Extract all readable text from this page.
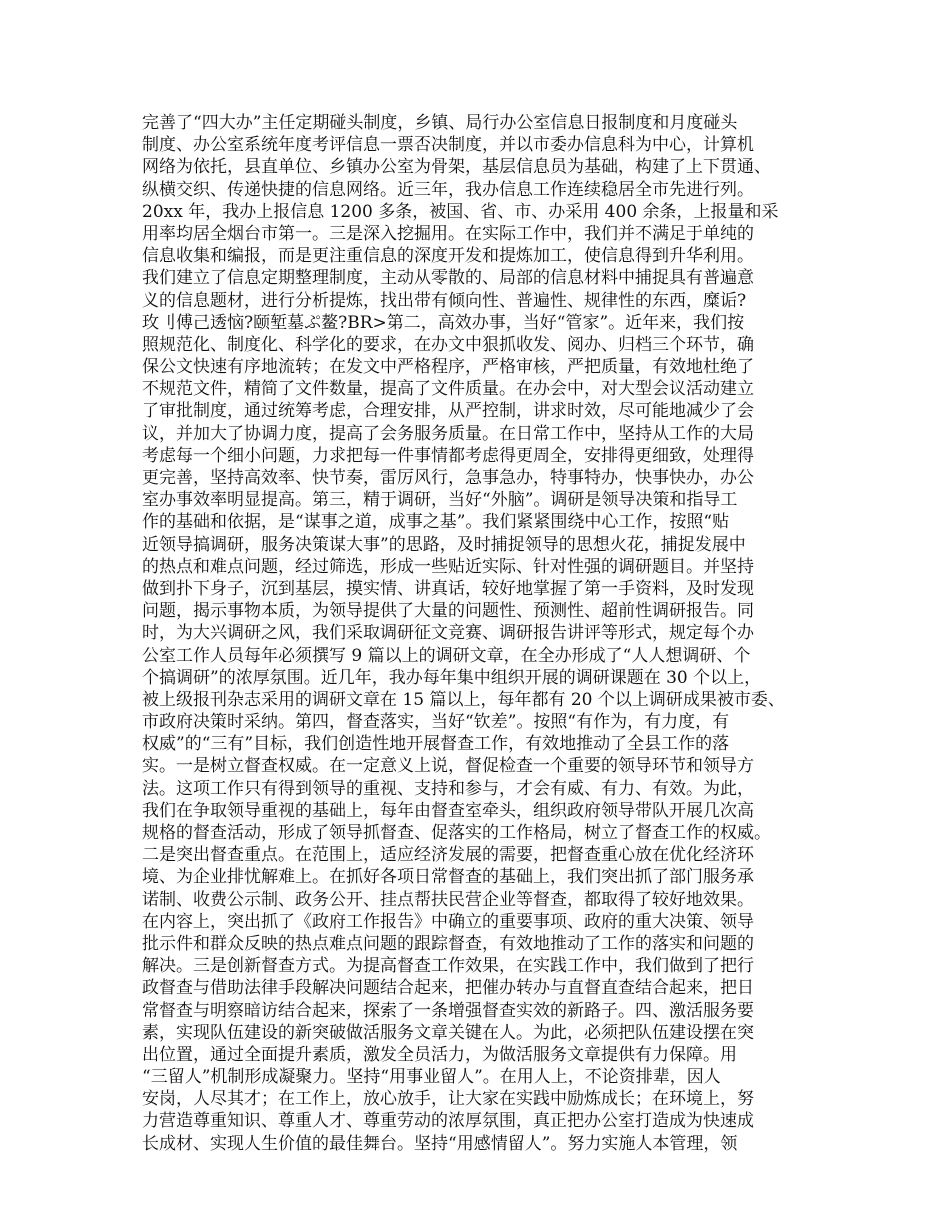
完善了“四大办”主任定期碰头制度，乡镇、局行办公室信息日报制度和月度碰头
制度、办公室系统年度考评信息一票否决制度，并以市委办信息科为中心，计算机
网络为依托，县直单位、乡镇办公室为骨架，基层信息员为基础，构建了上下贯通、
纵横交织、传递快捷的信息网络。近三年，我办信息工作连续稳居全市先进行列。
20xx 年，我办上报信息 1200 多条，被国、省、市、办采用 400 余条，上报量和采
用率均居全烟台市第一。三是深入挖掘用。在实际工作中，我们并不满足于单纯的
信息收集和编报，而是更注重信息的深度开发和提炼加工，使信息得到升华利用。
我们建立了信息定期整理制度，主动从零散的、局部的信息材料中捕捉具有普遍意
义的信息题材，进行分析提炼，找出带有倾向性、普遍性、规律性的东西，糜诟?
玫刂傅己透恼?颐堑墓ぷ鳌?BR>第二，高效办事，当好“管家”。近年来，我们按
照规范化、制度化、科学化的要求，在办文中狠抓收发、阅办、归档三个环节，确
保公文快速有序地流转；在发文中严格程序，严格审核，严把质量，有效地杜绝了
不规范文件，精简了文件数量，提高了文件质量。在办会中，对大型会议活动建立
了审批制度，通过统筹考虑，合理安排，从严控制，讲求时效，尽可能地减少了会
议，并加大了协调力度，提高了会务服务质量。在日常工作中，坚持从工作的大局
考虑每一个细小问题，力求把每一件事情都考虑得更周全，安排得更细致，处理得
更完善，坚持高效率、快节奏，雷厉风行，急事急办，特事特办，快事快办，办公
室办事效率明显提高。第三，精于调研，当好“外脑”。调研是领导决策和指导工
作的基础和依据，是“谋事之道，成事之基”。我们紧紧围绕中心工作，按照“贴
近领导搞调研，服务决策谋大事”的思路，及时捕捉领导的思想火花，捕捉发展中
的热点和难点问题，经过筛选，形成一些贴近实际、针对性强的调研题目。并坚持
做到扑下身子，沉到基层，摸实情、讲真话，较好地掌握了第一手资料，及时发现
问题，揭示事物本质，为领导提供了大量的问题性、预测性、超前性调研报告。同
时，为大兴调研之风，我们采取调研征文竞赛、调研报告讲评等形式，规定每个办
公室工作人员每年必须撰写 9 篇以上的调研文章，在全办形成了“人人想调研、个
个搞调研”的浓厚氛围。近几年，我办每年集中组织开展的调研课题在 30 个以上，
被上级报刊杂志采用的调研文章在 15 篇以上，每年都有 20 个以上调研成果被市委、
市政府决策时采纳。第四，督查落实，当好“钦差”。按照“有作为，有力度，有
权威”的“三有”目标，我们创造性地开展督查工作，有效地推动了全县工作的落
实。一是树立督查权威。在一定意义上说，督促检查一个重要的领导环节和领导方
法。这项工作只有得到领导的重视、支持和参与，才会有威、有力、有效。为此，
我们在争取领导重视的基础上，每年由督查室牵头，组织政府领导带队开展几次高
规格的督查活动，形成了领导抓督查、促落实的工作格局，树立了督查工作的权威。
二是突出督查重点。在范围上，适应经济发展的需要，把督查重心放在优化经济环
境、为企业排忧解难上。在抓好各项日常督查的基础上，我们突出抓了部门服务承
诺制、收费公示制、政务公开、挂点帮扶民营企业等督查，都取得了较好地效果。
在内容上，突出抓了《政府工作报告》中确立的重要事项、政府的重大决策、领导
批示件和群众反映的热点难点问题的跟踪督查，有效地推动了工作的落实和问题的
解决。三是创新督查方式。为提高督查工作效果，在实践工作中，我们做到了把行
政督查与借助法律手段解决问题结合起来，把催办转办与直督直查结合起来，把日
常督查与明察暗访结合起来，探索了一条增强督查实效的新路子。四、激活服务要
素，实现队伍建设的新突破做活服务文章关键在人。为此，必须把队伍建设摆在突
出位置，通过全面提升素质，激发全员活力，为做活服务文章提供有力保障。用
“三留人”机制形成凝聚力。坚持“用事业留人”。在用人上，不论资排辈，因人
安岗，人尽其才；在工作上，放心放手，让大家在实践中励炼成长；在环境上，努
力营造尊重知识、尊重人才、尊重劳动的浓厚氛围，真正把办公室打造成为快速成
长成材、实现人生价值的最佳舞台。坚持“用感情留人”。努力实施人本管理，领
